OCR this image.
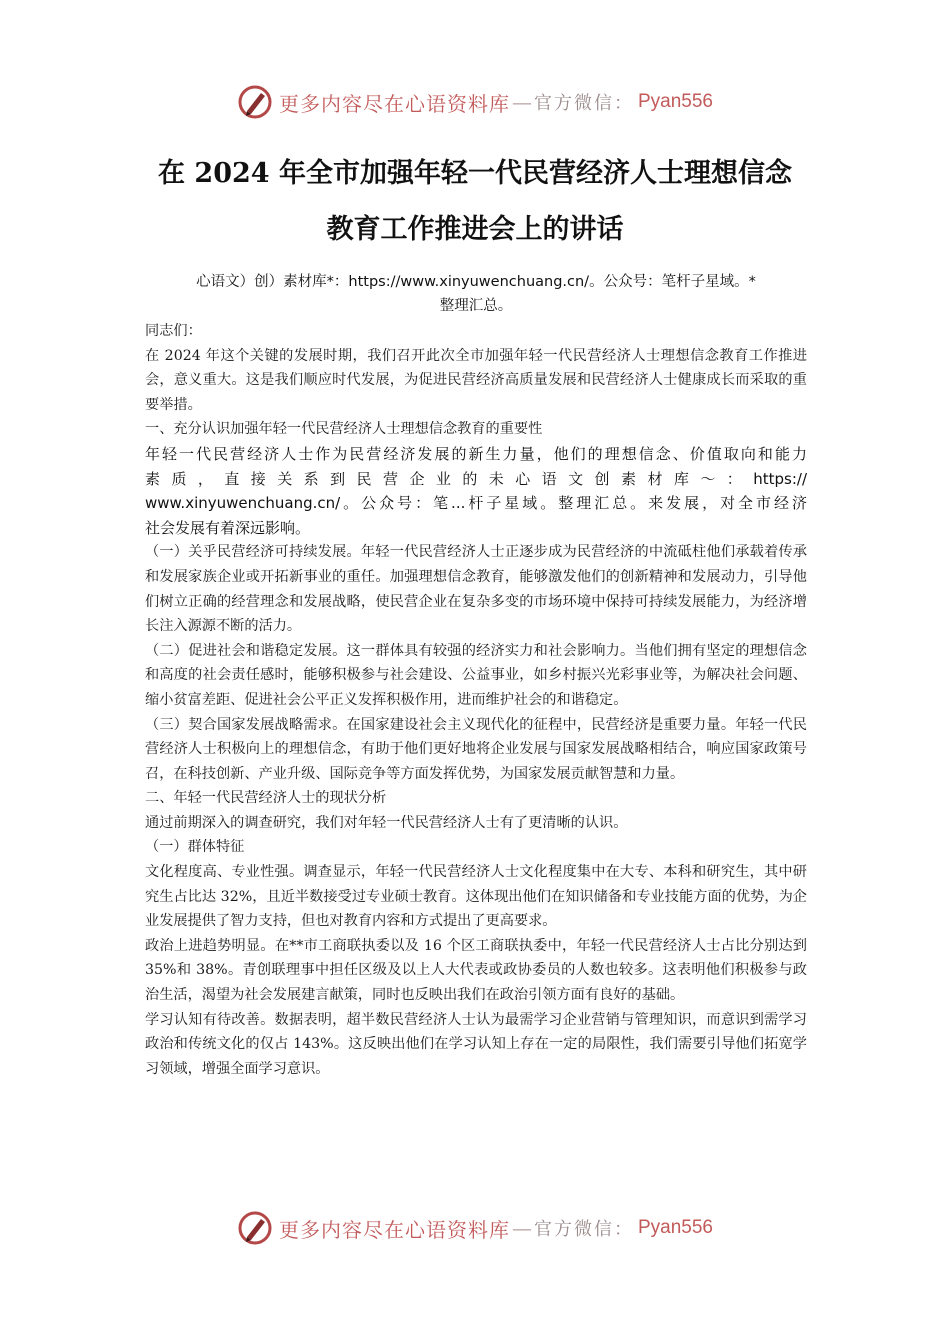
更多内容尽在心语资料库 — 官方微信： Pyan556
在 2024 年全市加强年轻一代民营经济人士理想信念
教育工作推进会上的讲话
心语文）创）素材库*：https://www.xinyuwenchuang.cn/。公众号：笔杆子星域。*
整理汇总。

同志们：

在 2024 年这个关键的发展时期，我们召开此次全市加强年轻一代民营经济人士理想信念教育工作推进会，意义重大。这是我们顺应时代发展，为促进民营经济高质量发展和民营经济人士健康成长而采取的重要举措。

一、充分认识加强年轻一代民营经济人士理想信念教育的重要性

年轻一代民营经济人士作为民营经济发展的新生力量，他们的理想信念、价值取向和能力

素 质 ， 直 接 关 系 到 民 营 企 业 的 未 心 语 文 创 素 材 库 ～ ： https://

www.xinyuwenchuang.cn/。公众号：笔...杆子星域。整理汇总。来发展，对全市经济

社会发展有着深远影响。

（一）关乎民营经济可持续发展。年轻一代民营经济人士正逐步成为民营经济的中流砥柱他们承载着传承和发展家族企业或开拓新事业的重任。加强理想信念教育，能够激发他们的创新精神和发展动力，引导他们树立正确的经营理念和发展战略，使民营企业在复杂多变的市场环境中保持可持续发展能力，为经济增长注入源源不断的活力。

（二）促进社会和谐稳定发展。这一群体具有较强的经济实力和社会影响力。当他们拥有坚定的理想信念和高度的社会责任感时，能够积极参与社会建设、公益事业，如乡村振兴光彩事业等，为解决社会问题、缩小贫富差距、促进社会公平正义发挥积极作用，进而维护社会的和谐稳定。

（三）契合国家发展战略需求。在国家建设社会主义现代化的征程中，民营经济是重要力量。年轻一代民营经济人士积极向上的理想信念，有助于他们更好地将企业发展与国家发展战略相结合，响应国家政策号召，在科技创新、产业升级、国际竞争等方面发挥优势，为国家发展贡献智慧和力量。

二、年轻一代民营经济人士的现状分析

通过前期深入的调查研究，我们对年轻一代民营经济人士有了更清晰的认识。

（一）群体特征

文化程度高、专业性强。调查显示，年轻一代民营经济人士文化程度集中在大专、本科和研究生，其中研究生占比达 32%，且近半数接受过专业硕士教育。这体现出他们在知识储备和专业技能方面的优势，为企业发展提供了智力支持，但也对教育内容和方式提出了更高要求。

政治上进趋势明显。在**市工商联执委以及 16 个区工商联执委中，年轻一代民营经济人士占比分别达到 35%和 38%。青创联理事中担任区级及以上人大代表或政协委员的人数也较多。这表明他们积极参与政治生活，渴望为社会发展建言献策，同时也反映出我们在政治引领方面有良好的基础。

学习认知有待改善。数据表明，超半数民营经济人士认为最需学习企业营销与管理知识，而意识到需学习政治和传统文化的仅占 143%。这反映出他们在学习认知上存在一定的局限性，我们需要引导他们拓宽学习领域，增强全面学习意识。

更多内容尽在心语资料库 — 官方微信： Pyan556
